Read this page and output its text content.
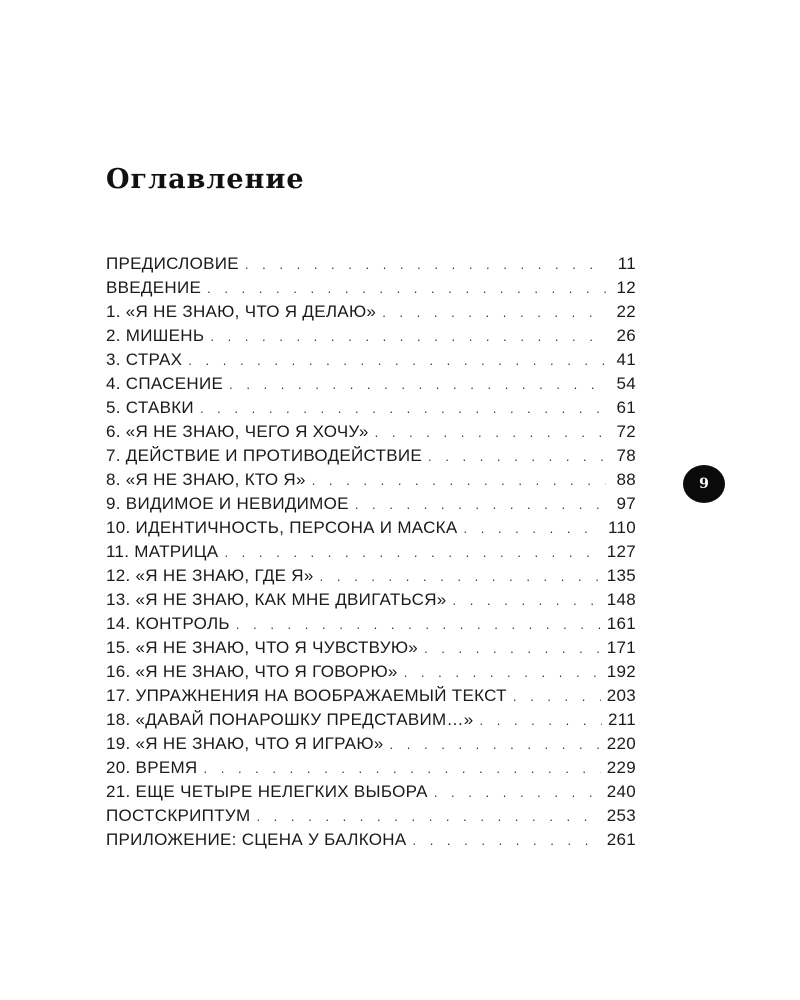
Оглавление
ПРЕДИСЛОВИЕ . . .	11
ВВЕДЕНИЕ . . .	12
1. «Я НЕ ЗНАЮ, ЧТО Я ДЕЛАЮ» . . .	22
2. МИШЕНЬ . . .	26
3. СТРАХ . . .	41
4. СПАСЕНИЕ . . .	54
5. СТАВКИ . . .	61
6. «Я НЕ ЗНАЮ, ЧЕГО Я ХОЧУ» . . .	72
7. ДЕЙСТВИЕ И ПРОТИВОДЕЙСТВИЕ . . .	78
8. «Я НЕ ЗНАЮ, КТО Я» . . .	88
9. ВИДИМОЕ И НЕВИДИМОЕ . . .	97
10. ИДЕНТИЧНОСТЬ, ПЕРСОНА И МАСКА . . .	110
11. МАТРИЦА . . .	127
12. «Я НЕ ЗНАЮ, ГДЕ Я» . . .	135
13. «Я НЕ ЗНАЮ, КАК МНЕ ДВИГАТЬСЯ» . . .	148
14. КОНТРОЛЬ . . .	161
15. «Я НЕ ЗНАЮ, ЧТО Я ЧУВСТВУЮ» . . .	171
16. «Я НЕ ЗНАЮ, ЧТО Я ГОВОРЮ» . . .	192
17. УПРАЖНЕНИЯ НА ВООБРАЖАЕМЫЙ ТЕКСТ . . .	203
18. «ДАВАЙ ПОНАРОШКУ ПРЕДСТАВИМ…» . . .	211
19. «Я НЕ ЗНАЮ, ЧТО Я ИГРАЮ» . . .	220
20. ВРЕМЯ . . .	229
21. ЕЩЕ ЧЕТЫРЕ НЕЛЕГКИХ ВЫБОРА . . .	240
ПОСТСКРИПТУМ . . .	253
ПРИЛОЖЕНИЕ: СЦЕНА У БАЛКОНА . . .	261
9
